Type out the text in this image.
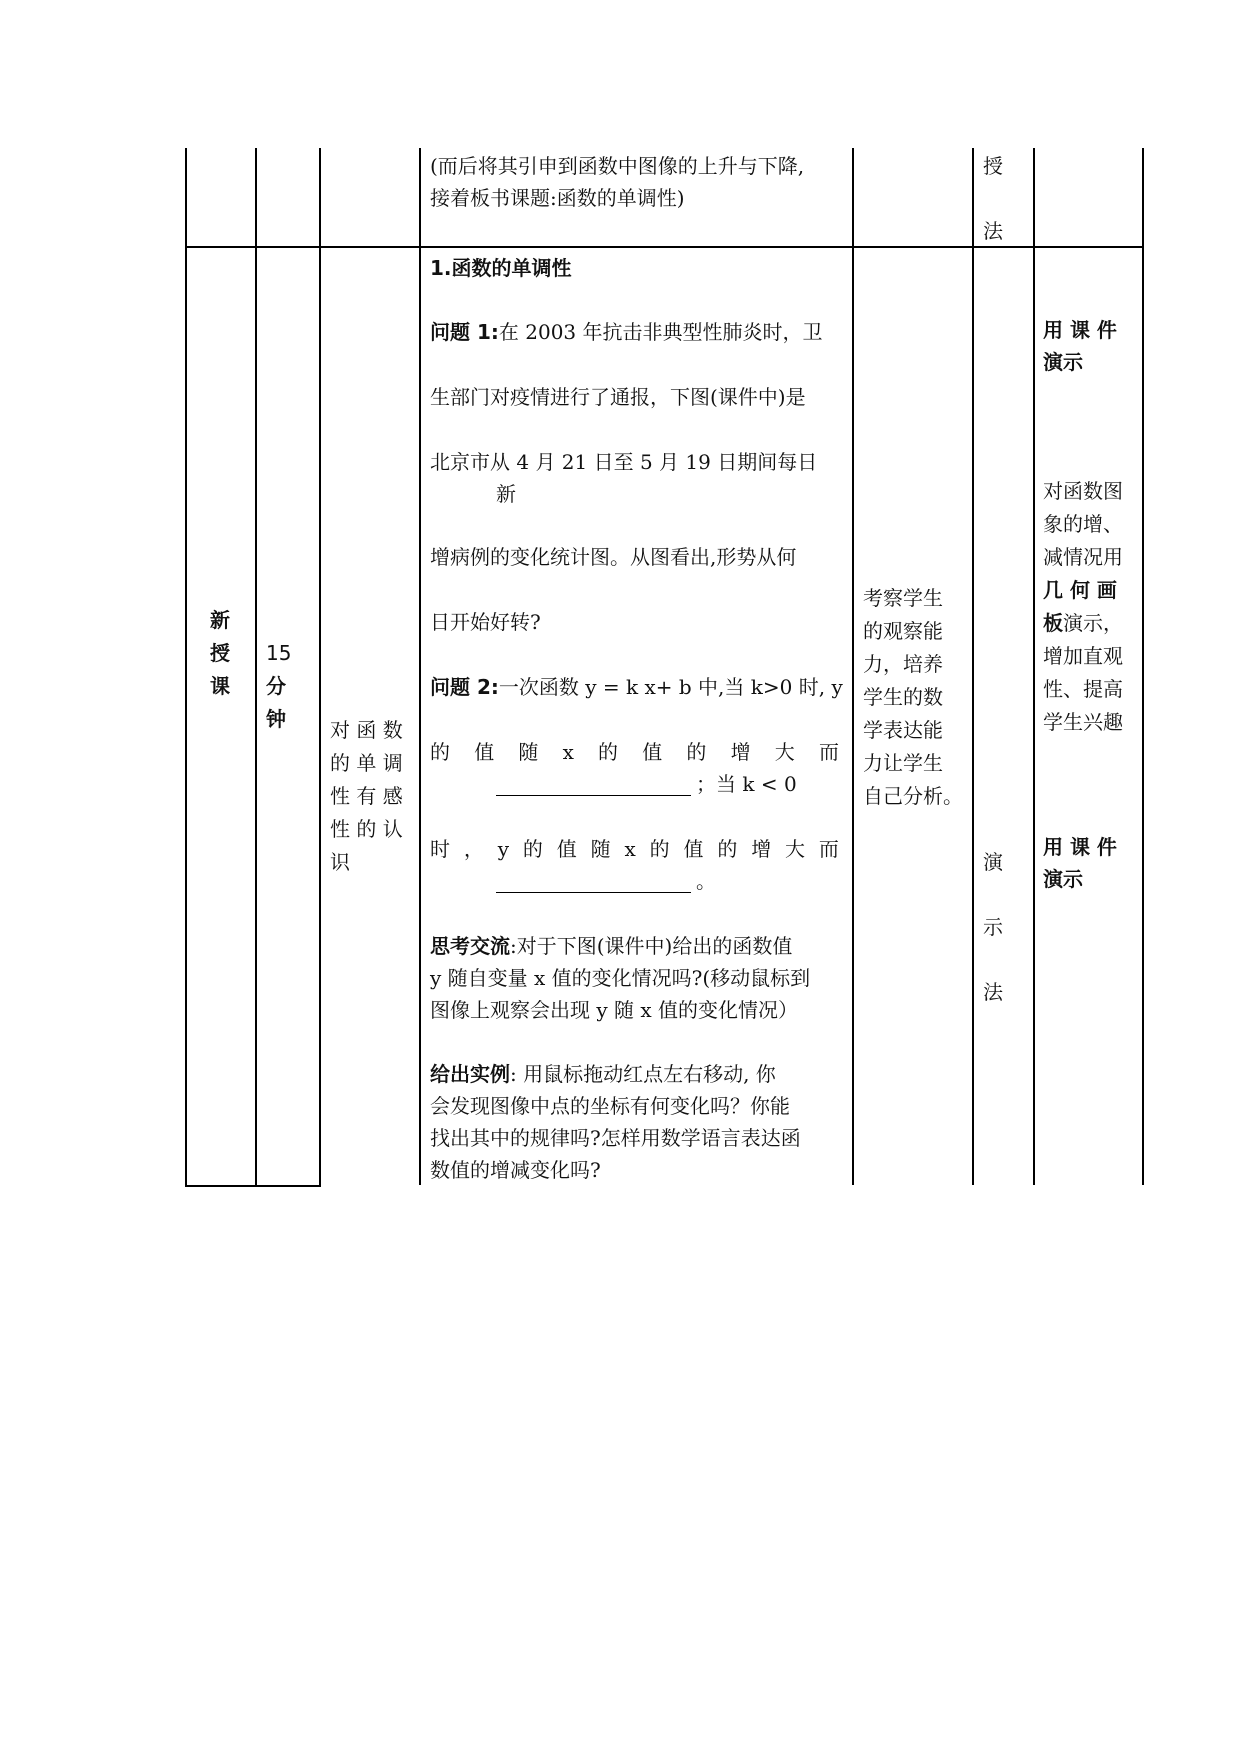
(而后将其引申到函数中图像的上升与下降,
接着板书课题:函数的单调性)
授
法
新
授
课
15
分
钟 对 函 数
的 单 调
性 有 感
性 的 认
识
1.函数的单调性
问题 1:在 2003 年抗击非典型性肺炎时，卫
生部门对疫情进行了通报，下图(课件中)是
北京市从 4 月 21 日至 5 月 19 日期间每日
新
增病例的变化统计图。从图看出,形势从何
日开始好转?
问题 2:一次函数 y = k x+ b 中,当 k>0 时, y
的 值 随 x 的 值 的 增 大 而
；当 k < 0
时 ， y 的 值 随 x 的 值 的 增 大 而
。
思考交流:对于下图(课件中)给出的函数值
y 随自变量 x 值的变化情况吗?(移动鼠标到
图像上观察会出现 y 随 x 值的变化情况）
给出实例: 用鼠标拖动红点左右移动, 你
会发现图像中点的坐标有何变化吗？你能
找出其中的规律吗?怎样用数学语言表达函
数值的增减变化吗?
考察学生
的观察能
力，培养
学生的数
学表达能
力让学生
自己分析。
演
示
法
用 课 件
演示
对函数图
象的增、
减情况用
几 何 画
板演示，
增加直观
性、提高
学生兴趣
用 课 件
演示
